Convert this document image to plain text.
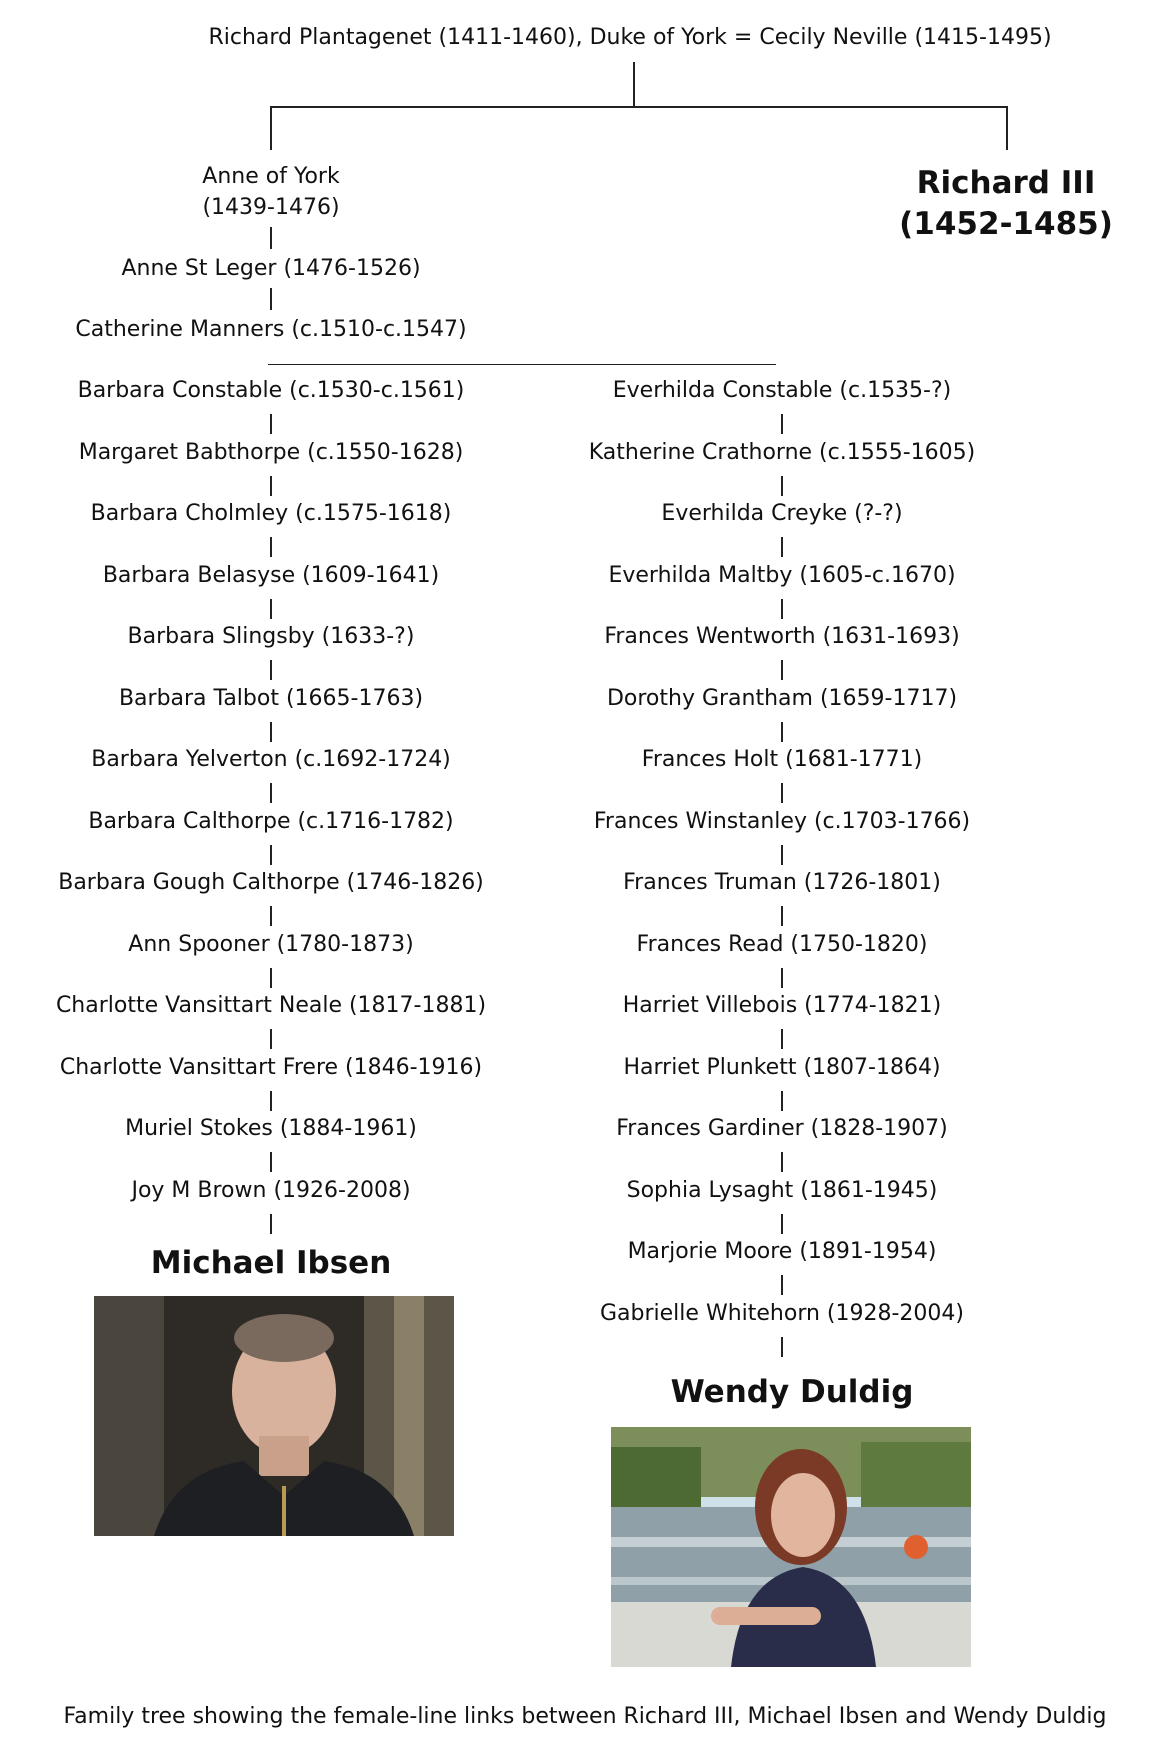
Richard Plantagenet (1411-1460), Duke of York = Cecily Neville (1415-1495)
Richard III
(1452-1485)
Anne of York
(1439-1476)
Anne St Leger (1476-1526)
Catherine Manners (c.1510-c.1547)
Barbara Constable (c.1530-c.1561)
Margaret Babthorpe (c.1550-1628)
Barbara Cholmley (c.1575-1618)
Barbara Belasyse (1609-1641)
Barbara Slingsby (1633-?)
Barbara Talbot (1665-1763)
Barbara Yelverton (c.1692-1724)
Barbara Calthorpe (c.1716-1782)
Barbara Gough Calthorpe (1746-1826)
Ann Spooner (1780-1873)
Charlotte Vansittart Neale (1817-1881)
Charlotte Vansittart Frere (1846-1916)
Muriel Stokes (1884-1961)
Joy M Brown (1926-2008)
Everhilda Constable (c.1535-?)
Katherine Crathorne (c.1555-1605)
Everhilda Creyke (?-?)
Everhilda Maltby (1605-c.1670)
Frances Wentworth (1631-1693)
Dorothy Grantham (1659-1717)
Frances Holt (1681-1771)
Frances Winstanley (c.1703-1766)
Frances Truman (1726-1801)
Frances Read (1750-1820)
Harriet Villebois (1774-1821)
Harriet Plunkett (1807-1864)
Frances Gardiner (1828-1907)
Sophia Lysaght (1861-1945)
Marjorie Moore (1891-1954)
Gabrielle Whitehorn (1928-2004)
Michael Ibsen
Wendy Duldig
Family tree showing the female-line links between Richard III, Michael Ibsen and Wendy Duldig
